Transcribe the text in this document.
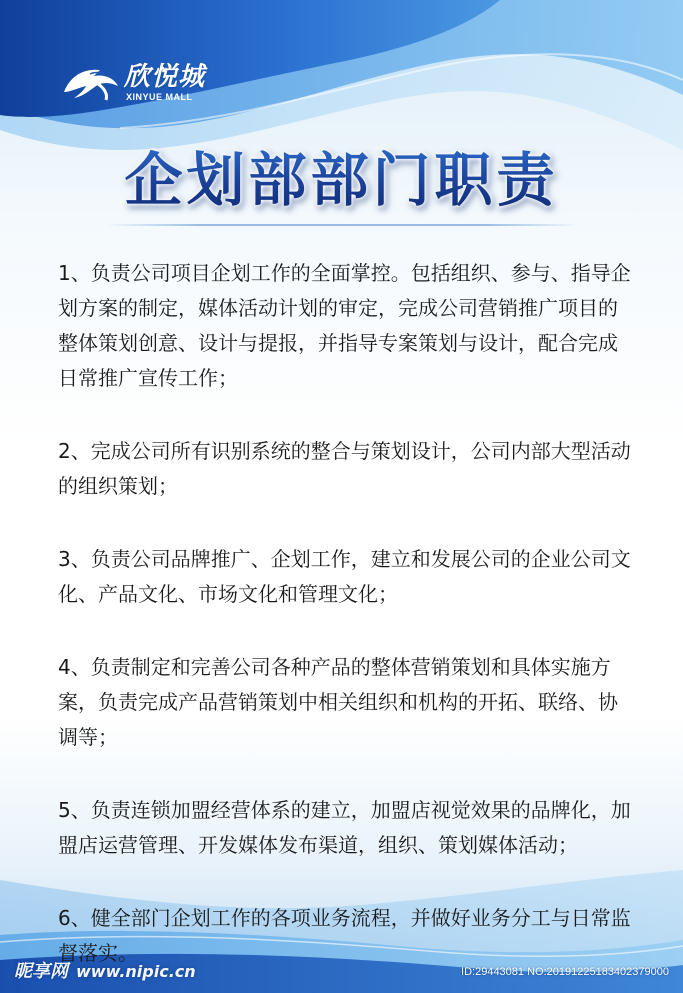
欣悦城
XINYUE MALL
企划部部门职责

1、负责公司项目企划工作的全面掌控。包括组织、参与、指导企划方案的制定，媒体活动计划的审定，完成公司营销推广项目的整体策划创意、设计与提报，并指导专案策划与设计，配合完成日常推广宣传工作；

2、完成公司所有识别系统的整合与策划设计，公司内部大型活动的组织策划；

3、负责公司品牌推广、企划工作，建立和发展公司的企业公司文化、产品文化、市场文化和管理文化；

4、负责制定和完善公司各种产品的整体营销策划和具体实施方案，负责完成产品营销策划中相关组织和机构的开拓、联络、协调等；

5、负责连锁加盟经营体系的建立，加盟店视觉效果的品牌化，加盟店运营管理、开发媒体发布渠道，组织、策划媒体活动；

6、健全部门企划工作的各项业务流程，并做好业务分工与日常监督落实。

昵享网 www.nipic.cn	ID:29443081 NO:20191225183402379000
